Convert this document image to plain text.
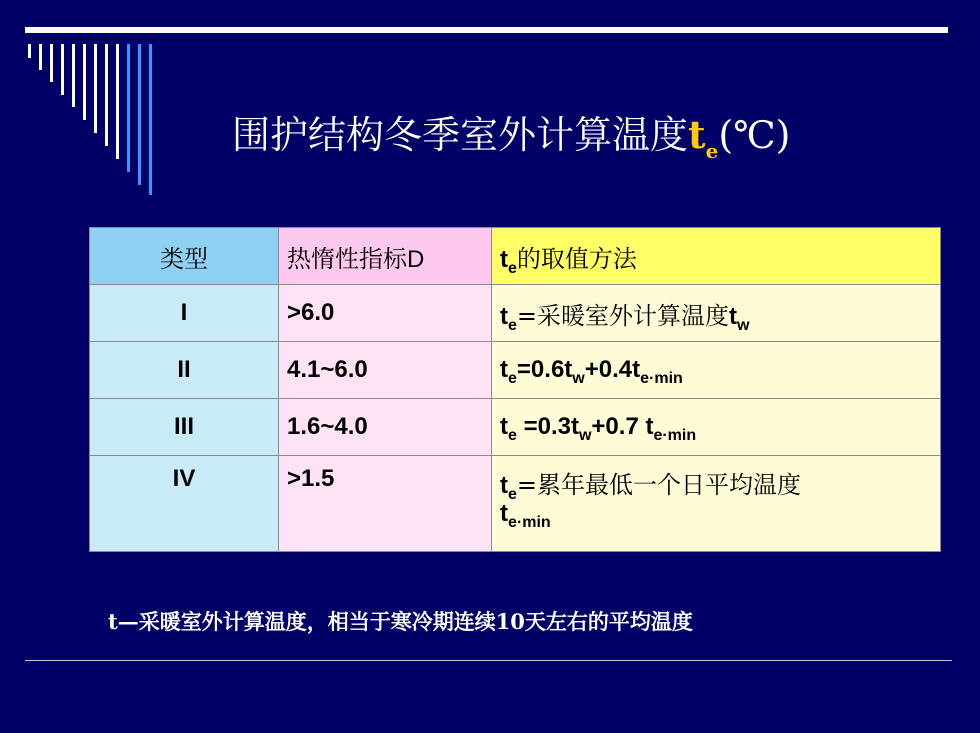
围护结构冬季室外计算温度$t_e(℃)$
类型	热惰性指标D	$t_e$的取值方法
I	>6.0	$t_e=$采暖室外计算温度$t_w$
II	4.1~6.0	$t_e=0.6t_w+0.4t_{e\cdot min}$
III	1.6~4.0	$t_e =0.3t_w+0.7$ $t_{e\cdot min}$
IV	>1.5	$t_e=$累年最低一个日平均温度
$t_{e\cdot min}$
t—采暖室外计算温度，相当于寒冷期连续10天左右的平均温度
